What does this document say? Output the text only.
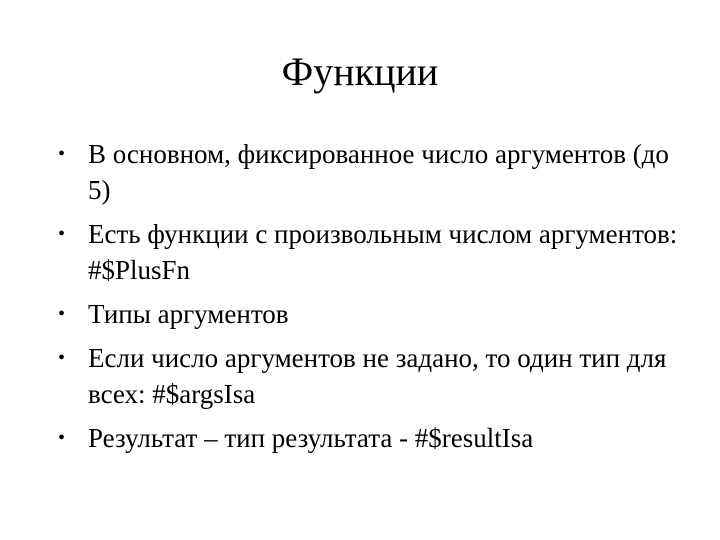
Функции
• В основном, фиксированное число аргументов (до 5)
• Есть функции с произвольным числом аргументов: #$PlusFn
• Типы аргументов
• Если число аргументов не задано, то один тип для всех: #$argsIsa
• Результат – тип результата - #$resultIsa
